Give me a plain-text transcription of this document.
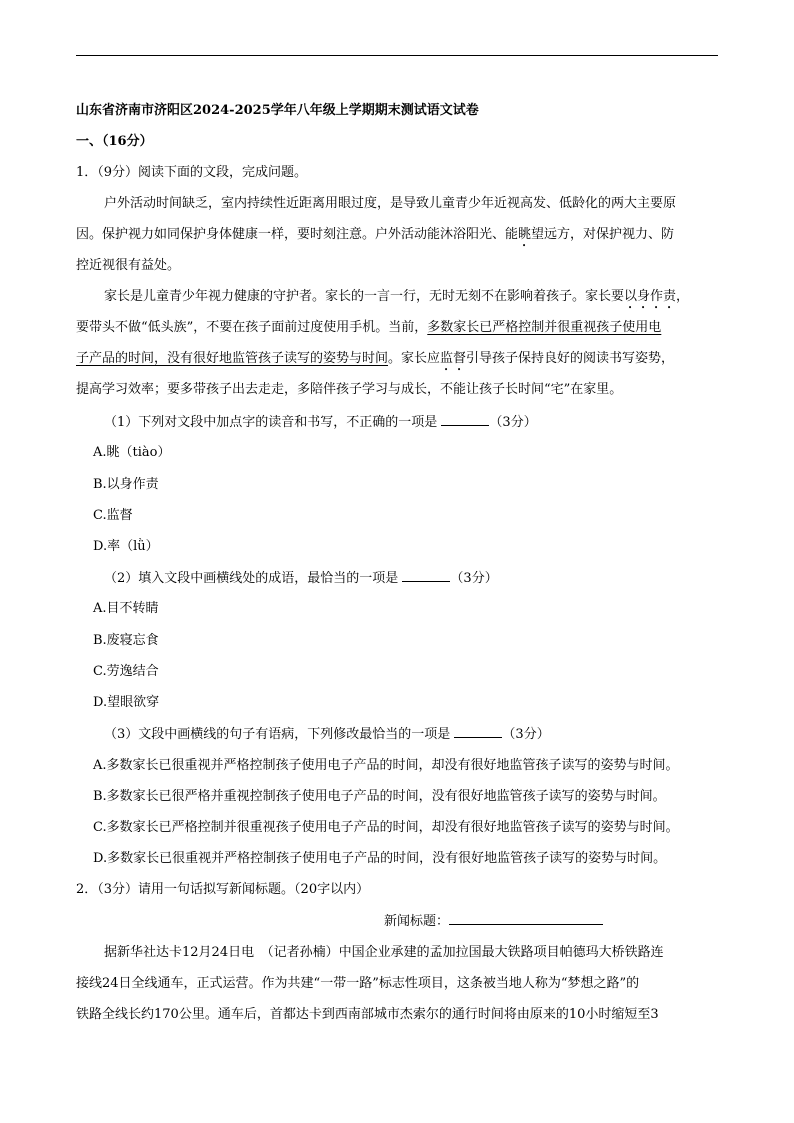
山东省济南市济阳区2024-2025学年八年级上学期期末测试语文试卷
一、（16分）
1．（9分）阅读下面的文段，完成问题。
户外活动时间缺乏，室内持续性近距离用眼过度，是导致儿童青少年近视高发、低龄化的两大主要原
因。保护视力如同保护身体健康一样，要时刻注意。户外活动能沐浴阳光、能眺望远方，对保护视力、防
控近视很有益处。
家长是儿童青少年视力健康的守护者。家长的一言一行，无时无刻不在影响着孩子。家长要以身作责，
要带头不做“低头族”，不要在孩子面前过度使用手机。当前，多数家长已严格控制并很重视孩子使用电
子产品的时间，没有很好地监管孩子读写的姿势与时间。家长应监督引导孩子保持良好的阅读书写姿势，
提高学习效率；要多带孩子出去走走，多陪伴孩子学习与成长，不能让孩子长时间“宅”在家里。
（1）下列对文段中加点字的读音和书写，不正确的一项是	（3分）
A.眺（tiào）
B.以身作责
C.监督
D.率（lǜ）
（2）填入文段中画横线处的成语，最恰当的一项是	（3分）
A.目不转睛
B.废寝忘食
C.劳逸结合
D.望眼欲穿
（3）文段中画横线的句子有语病，下列修改最恰当的一项是	（3分）
A.多数家长已很重视并严格控制孩子使用电子产品的时间，却没有很好地监管孩子读写的姿势与时间。
B.多数家长已很严格并重视控制孩子使用电子产品的时间，没有很好地监管孩子读写的姿势与时间。
C.多数家长已严格控制并很重视孩子使用电子产品的时间，却没有很好地监管孩子读写的姿势与时间。
D.多数家长已很重视并严格控制孩子使用电子产品的时间，没有很好地监管孩子读写的姿势与时间。
2．（3分）请用一句话拟写新闻标题。（20字以内）
新闻标题：
据新华社达卡12月24日电　（记者孙楠）中国企业承建的孟加拉国最大铁路项目帕德玛大桥铁路连
接线24日全线通车，正式运营。作为共建“一带一路”标志性项目，这条被当地人称为“梦想之路”的
铁路全线长约170公里。通车后，首都达卡到西南部城市杰索尔的通行时间将由原来的10小时缩短至3
